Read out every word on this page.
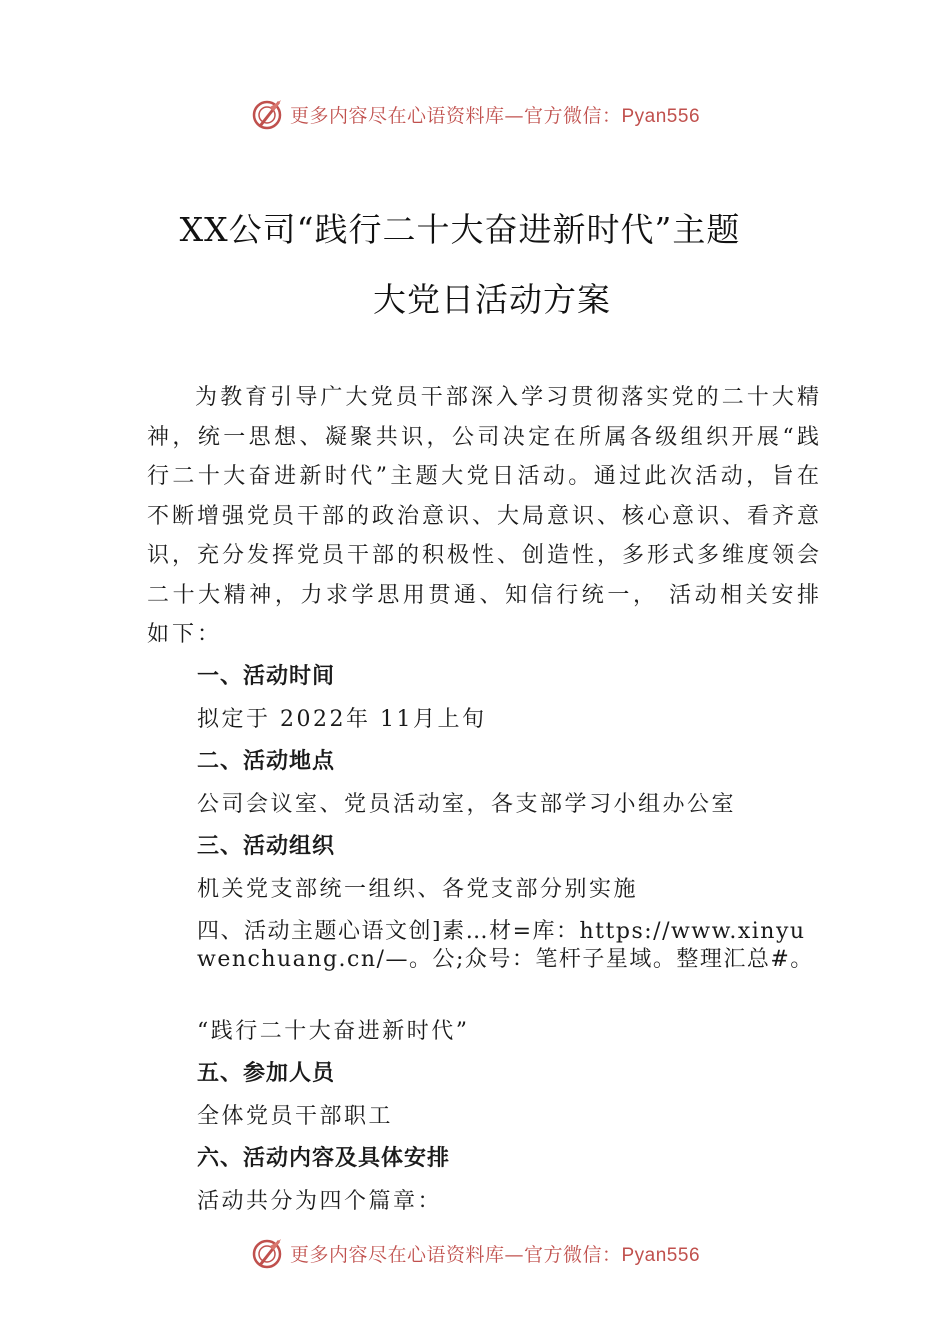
更多内容尽在心语资料库—官方微信：Pyan556
XX公司“践行二十大奋进新时代”主题
大党日活动方案

为教育引导广大党员干部深入学习贯彻落实党的二十大精神，统一思想、凝聚共识，公司决定在所属各级组织开展“践行二十大奋进新时代”主题大党日活动。通过此次活动，旨在不断增强党员干部的政治意识、大局意识、核心意识、看齐意识，充分发挥党员干部的积极性、创造性，多形式多维度领会二十大精神，力求学思用贯通、知信行统一， 活动相关安排如下：

一、活动时间
拟定于 2022年 11月上旬
二、活动地点
公司会议室、党员活动室，各支部学习小组办公室
三、活动组织
机关党支部统一组织、各党支部分别实施
四、活动主题心语文创]素…材=库：https://www.xinyuwenchuang.cn/—。公;众号：笔杆子星域。整理汇总#。
“践行二十大奋进新时代”
五、参加人员
全体党员干部职工
六、活动内容及具体安排
活动共分为四个篇章：
更多内容尽在心语资料库—官方微信：Pyan556
